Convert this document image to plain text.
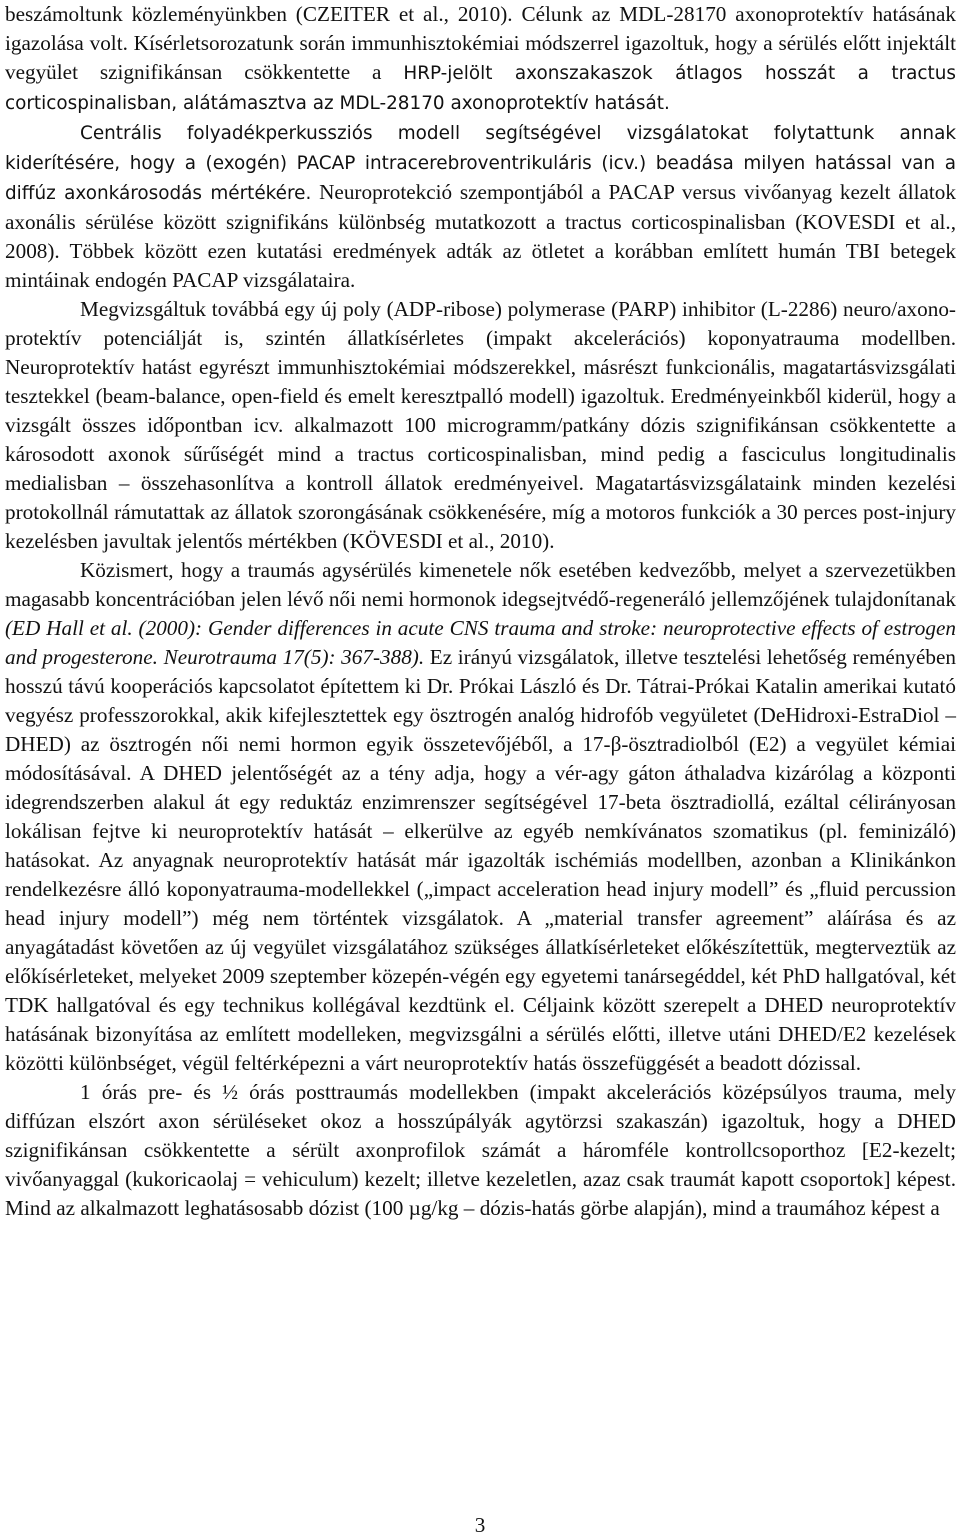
beszámoltunk közleményünkben (CZEITER et al., 2010). Célunk az MDL-28170 axonoprotektív hatásának igazolása volt. Kísérletsorozatunk során immunhisztokémiai módszerrel igazoltuk, hogy a sérülés előtt injektált vegyület szignifikánsan csökkentette a HRP-jelölt axonszakaszok átlagos hosszát a tractus corticospinalisban, alátámasztva az MDL-28170 axonoprotektív hatását.

Centrális folyadékperkussziós modell segítségével vizsgálatokat folytattunk annak kiderítésére, hogy a (exogén) PACAP intracerebroventrikuláris (icv.) beadása milyen hatással van a diffúz axonkárosodás mértékére. Neuroprotekció szempontjából a PACAP versus vivőanyag kezelt állatok axonális sérülése között szignifikáns különbség mutatkozott a tractus corticospinalisban (KOVESDI et al., 2008). Többek között ezen kutatási eredmények adták az ötletet a korábban említett humán TBI betegek mintáinak endogén PACAP vizsgálataira.

Megvizsgáltuk továbbá egy új poly (ADP-ribose) polymerase (PARP) inhibitor (L-2286) neuro/axono-protektív potenciálját is, szintén állatkísérletes (impakt akcelerációs) koponyatrauma modellben. Neuroprotektív hatást egyrészt immunhisztokémiai módszerekkel, másrészt funkcionális, magatartásvizsgálati tesztekkel (beam-balance, open-field és emelt keresztpalló modell) igazoltuk. Eredményeinkből kiderül, hogy a vizsgált összes időpontban icv. alkalmazott 100 microgramm/patkány dózis szignifikánsan csökkentette a károsodott axonok sűrűségét mind a tractus corticospinalisban, mind pedig a fasciculus longitudinalis medialisban – összehasonlítva a kontroll állatok eredményeivel. Magatartásvizsgálataink minden kezelési protokollnál rámutattak az állatok szorongásának csökkenésére, míg a motoros funkciók a 30 perces post-injury kezelésben javultak jelentős mértékben (KÖVESDI et al., 2010).

Közismert, hogy a traumás agysérülés kimenetele nők esetében kedvezőbb, melyet a szervezetükben magasabb koncentrációban jelen lévő női nemi hormonok idegsejtvédő-regeneráló jellemzőjének tulajdonítanak (ED Hall et al. (2000): Gender differences in acute CNS trauma and stroke: neuroprotective effects of estrogen and progesterone. Neurotrauma 17(5): 367-388). Ez irányú vizsgálatok, illetve tesztelési lehetőség reményében hosszú távú kooperációs kapcsolatot építettem ki Dr. Prókai László és Dr. Tátrai-Prókai Katalin amerikai kutató vegyész professzorokkal, akik kifejlesztettek egy ösztrogén analóg hidrofób vegyületet (DeHidroxi-EstraDiol – DHED) az ösztrogén női nemi hormon egyik összetevőjéből, a 17-β-ösztradiolból (E2) a vegyület kémiai módosításával. A DHED jelentőségét az a tény adja, hogy a vér-agy gáton áthaladva kizárólag a központi idegrendszerben alakul át egy reduktáz enzimrenszer segítségével 17-beta ösztradiollá, ezáltal célirányosan lokálisan fejtve ki neuroprotektív hatását – elkerülve az egyéb nemkívánatos szomatikus (pl. feminizáló) hatásokat. Az anyagnak neuroprotektív hatását már igazolták ischémiás modellben, azonban a Klinikánkon rendelkezésre álló koponyatrauma-modellekkel („impact acceleration head injury modell” és „fluid percussion head injury modell”) még nem történtek vizsgálatok. A „material transfer agreement” aláírása és az anyagátadást követően az új vegyület vizsgálatához szükséges állatkísérleteket előkészítettük, megterveztük az előkísérleteket, melyeket 2009 szeptember közepén-végén egy egyetemi tanársegéddel, két PhD hallgatóval, két TDK hallgatóval és egy technikus kollégával kezdtünk el. Céljaink között szerepelt a DHED neuroprotektív hatásának bizonyítása az említett modelleken, megvizsgálni a sérülés előtti, illetve utáni DHED/E2 kezelések közötti különbséget, végül feltérképezni a várt neuroprotektív hatás összefüggését a beadott dózissal.

1 órás pre- és ½ órás posttraumás modellekben (impakt akcelerációs középsúlyos trauma, mely diffúzan elszórt axon sérüléseket okoz a hosszúpályák agytörzsi szakaszán) igazoltuk, hogy a DHED szignifikánsan csökkentette a sérült axonprofilok számát a háromféle kontrollcsoporthoz [E2-kezelt; vivőanyaggal (kukoricaolaj = vehiculum) kezelt; illetve kezeletlen, azaz csak traumát kapott csoportok] képest. Mind az alkalmazott leghatásosabb dózist (100 µg/kg – dózis-hatás görbe alapján), mind a traumához képest a

3
